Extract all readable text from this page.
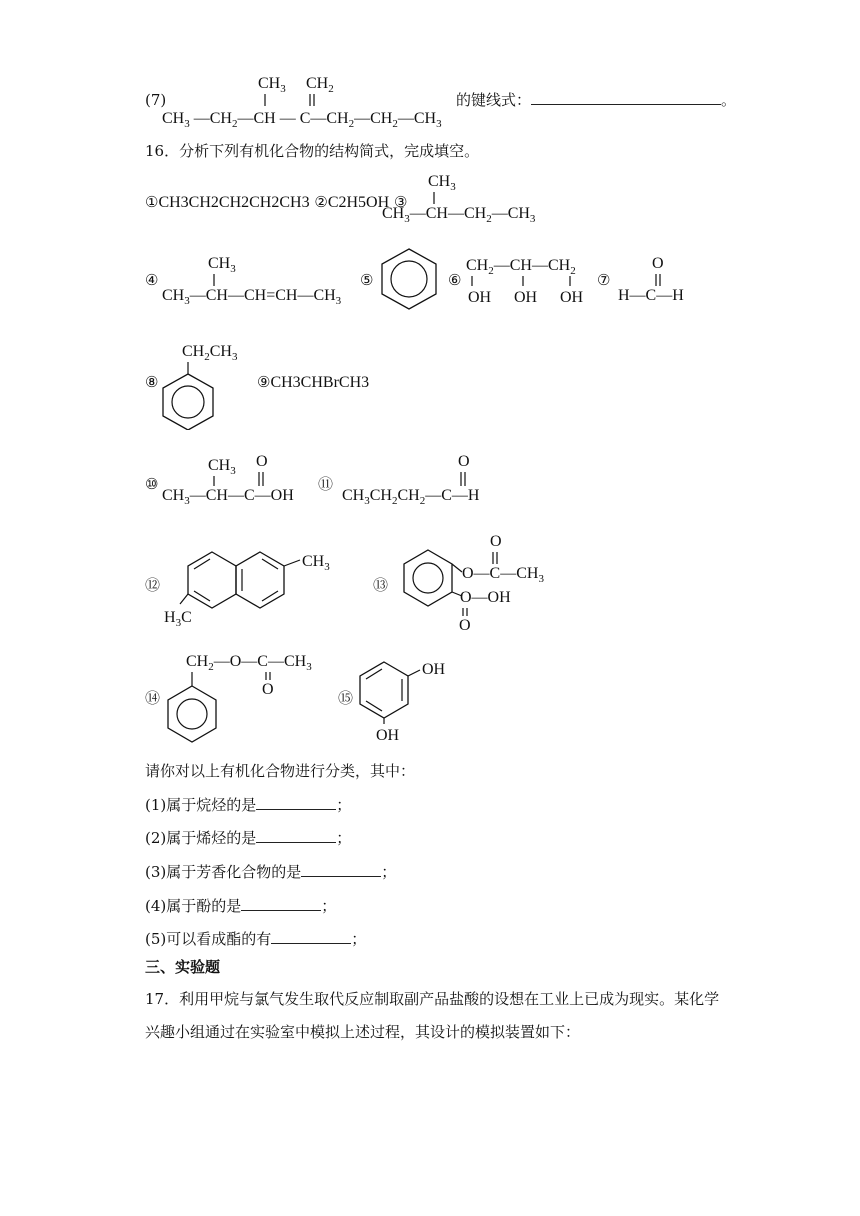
(7)
$CH_3$ $CH_2$
$CH_3$ $—CH_2—CH$ — $C—CH_2—CH_2—CH_3$
的键线式：	。
16．分析下列有机化合物的结构简式，完成填空。
①CH3CH2CH2CH2CH3 ②C2H5OH ③
$CH_3$
$CH_3—CH—CH_2—CH_3$
④
$CH_3$
$CH_3—CH—CH=CH—CH_3$
⑤	⑥
$CH_2—CH—CH_2$
OH OH OH
⑦
O
H—C—H
⑧
$CH_2CH_3$
⑨CH3CHBrCH3
⑩
$CH_3$
O
$CH_3—CH—C—OH$
⑪
O
$CH_3CH_2CH_2—C—H$
⑫
$CH_3$
$H_3C$
⑬
$O—C—CH_3$
O
O—OH
O
⑭
$CH_2—O—C—CH_3$
O	⑮
OH
OH
请你对以上有机化合物进行分类，其中：
(1)属于烷烃的是	；
(2)属于烯烃的是	；
(3)属于芳香化合物的是	；
(4)属于酚的是	；
(5)可以看成酯的有	；
三、实验题
17．利用甲烷与氯气发生取代反应制取副产品盐酸的设想在工业上已成为现实。某化学
兴趣小组通过在实验室中模拟上述过程，其设计的模拟装置如下：
